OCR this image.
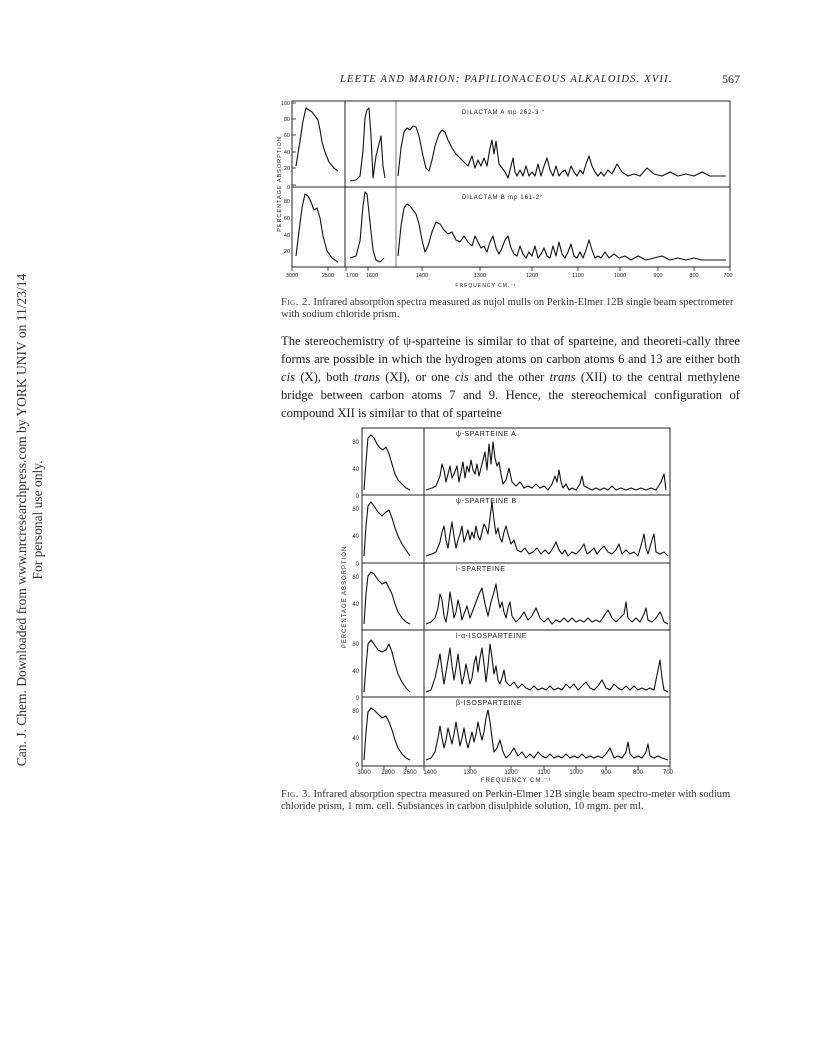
LEETE AND MARION: PAPILIONACEOUS ALKALOIDS. XVII.	567
Can. J. Chem. Downloaded from www.nrcresearchpress.com by YORK UNIV on 11/23/14 For personal use only.
100
80
60
40
20
0
80
60
40
20
PERCENTAGE ABSORPTION
DILACTAM A mp 262-3 °
DILACTAM B mp 161-2°
3000	2500 1700 1600	1400	1300	1200	1100	1000	900	800	700
FREQUENCY CM.⁻¹
Fig. 2. Infrared absorption spectra measured as nujol mulls on Perkin-Elmer 12B single beam spectrometer with sodium chloride prism.
The stereochemistry of ψ-sparteine is similar to that of sparteine, and theoreti-cally three forms are possible in which the hydrogen atoms on carbon atoms 6 and 13 are either both cis (X), both trans (XI), or one cis and the other trans (XII) to the central methylene bridge between carbon atoms 7 and 9. Hence, the stereochemical configuration of compound XII is similar to that of sparteine
PERCENTAGE ABSORPTION
80
40
0
80
40
0
80
40
80
40
0
80
40
0
ψ-SPARTEINE A
ψ-SPARTEINE B
l-SPARTEINE
l-α-ISOSPARTEINE
β-ISOSPARTEINE
3000 2800 2600 1400	1300	1200	1100	1000	900	800	700
FREQUENCY CM.⁻¹
Fig. 3. Infrared absorption spectra measured on Perkin-Elmer 12B single beam spectro-meter with sodium chloride prism, 1 mm. cell. Substances in carbon disulphide solution, 10 mgm. per ml.
